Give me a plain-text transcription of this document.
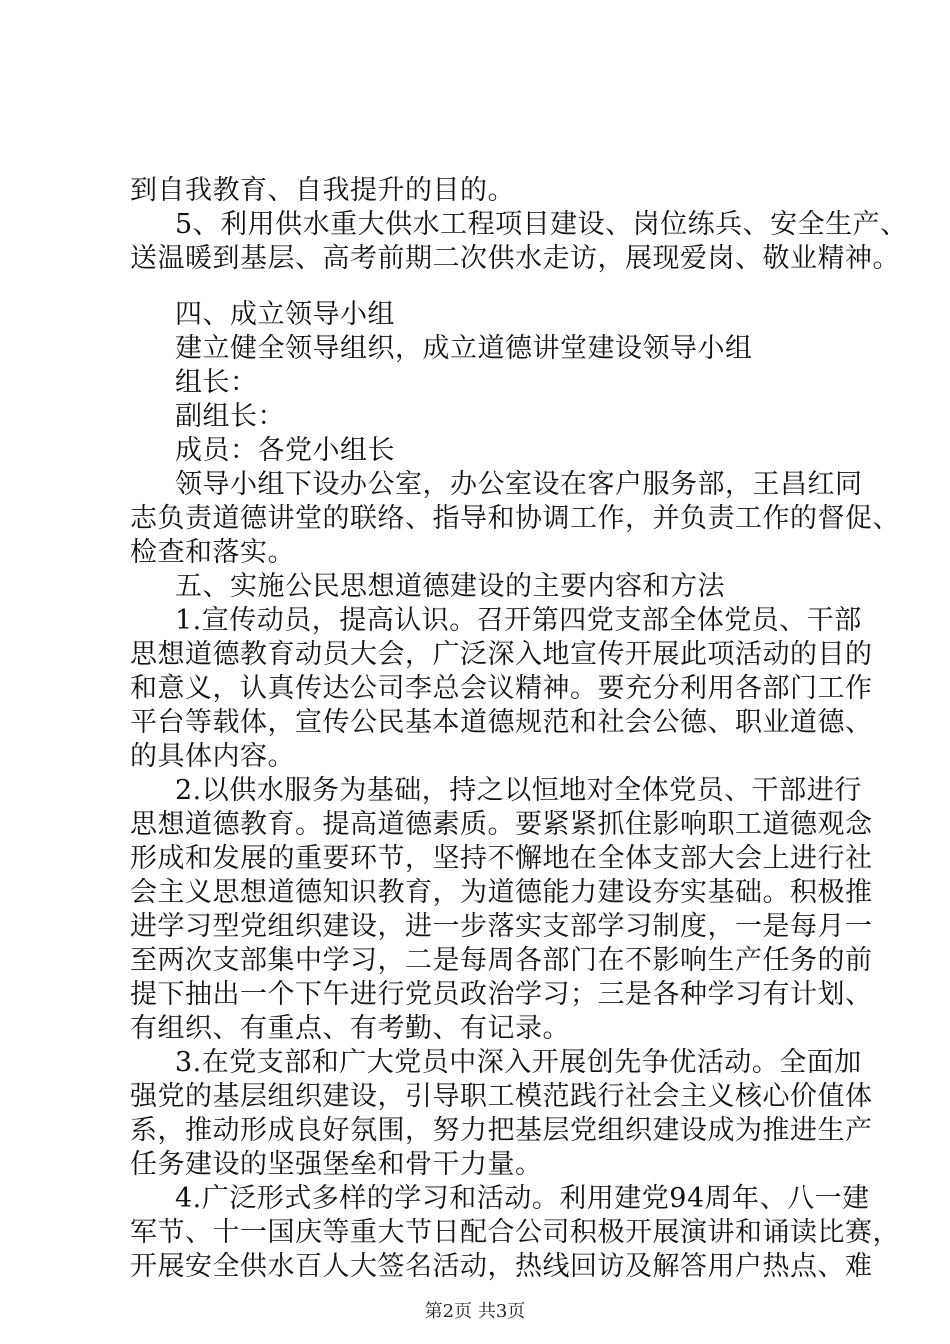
到自我教育、自我提升的目的。
5、利用供水重大供水工程项目建设、岗位练兵、安全生产、
送温暖到基层、高考前期二次供水走访，展现爱岗、敬业精神。
四、成立领导小组
建立健全领导组织，成立道德讲堂建设领导小组
组长：
副组长：
成员：各党小组长
领导小组下设办公室，办公室设在客户服务部，王昌红同
志负责道德讲堂的联络、指导和协调工作，并负责工作的督促、
检查和落实。
五、实施公民思想道德建设的主要内容和方法
1.宣传动员，提高认识。召开第四党支部全体党员、干部
思想道德教育动员大会，广泛深入地宣传开展此项活动的目的
和意义，认真传达公司李总会议精神。要充分利用各部门工作
平台等载体，宣传公民基本道德规范和社会公德、职业道德、
的具体内容。
2.以供水服务为基础，持之以恒地对全体党员、干部进行
思想道德教育。提高道德素质。要紧紧抓住影响职工道德观念
形成和发展的重要环节，坚持不懈地在全体支部大会上进行社
会主义思想道德知识教育，为道德能力建设夯实基础。积极推
进学习型党组织建设，进一步落实支部学习制度，一是每月一
至两次支部集中学习，二是每周各部门在不影响生产任务的前
提下抽出一个下午进行党员政治学习；三是各种学习有计划、
有组织、有重点、有考勤、有记录。
3.在党支部和广大党员中深入开展创先争优活动。全面加
强党的基层组织建设，引导职工模范践行社会主义核心价值体
系，推动形成良好氛围，努力把基层党组织建设成为推进生产
任务建设的坚强堡垒和骨干力量。
4.广泛形式多样的学习和活动。利用建党94周年、八一建
军节、十一国庆等重大节日配合公司积极开展演讲和诵读比赛，
开展安全供水百人大签名活动，热线回访及解答用户热点、难
第2页 共3页
